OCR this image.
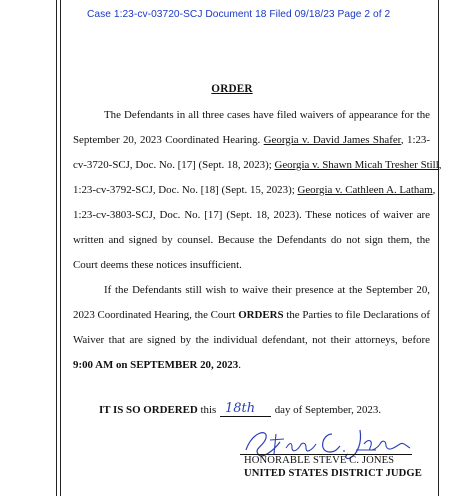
Case 1:23-cv-03720-SCJ Document 18 Filed 09/18/23 Page 2 of 2
ORDER
The Defendants in all three cases have filed waivers of appearance for the
September 20, 2023 Coordinated Hearing. Georgia v. David James Shafer, 1:23-
cv-3720-SCJ, Doc. No. [17] (Sept. 18, 2023); Georgia v. Shawn Micah Tresher Still,
1:23-cv-3792-SCJ, Doc. No. [18] (Sept. 15, 2023); Georgia v. Cathleen A. Latham,
1:23-cv-3803-SCJ, Doc. No. [17] (Sept. 18, 2023). These notices of waiver are
written and signed by counsel. Because the Defendants do not sign them, the
Court deems these notices insufficient.
If the Defendants still wish to waive their presence at the September 20,
2023 Coordinated Hearing, the Court ORDERS the Parties to file Declarations of
Waiver that are signed by the individual defendant, not their attorneys, before
9:00 AM on SEPTEMBER 20, 2023.
IT IS SO ORDERED this 18th day of September, 2023.
HONORABLE STEVE C. JONES
UNITED STATES DISTRICT JUDGE
